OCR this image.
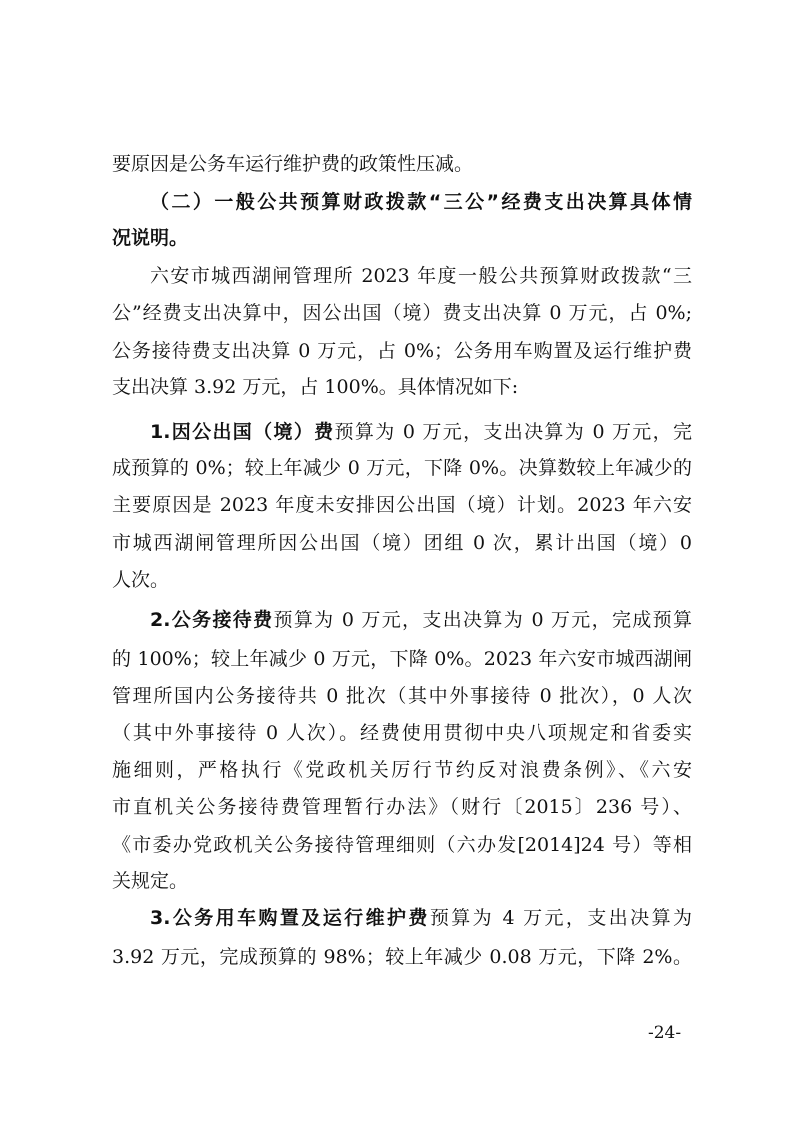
要原因是公务车运行维护费的政策性压减。
（二）一般公共预算财政拨款“三公”经费支出决算具体情
况说明。
六安市城西湖闸管理所 2023 年度一般公共预算财政拨款“三
公”经费支出决算中，因公出国（境）费支出决算 0 万元，占 0%;
公务接待费支出决算 0 万元，占 0%；公务用车购置及运行维护费
支出决算 3.92 万元，占 100%。具体情况如下:
1.因公出国（境）费预算为 0 万元，支出决算为 0 万元，完
成预算的 0%；较上年减少 0 万元，下降 0%。决算数较上年减少的
主要原因是 2023 年度未安排因公出国（境）计划。2023 年六安
市城西湖闸管理所因公出国（境）团组 0 次，累计出国（境）0
人次。
2.公务接待费预算为 0 万元，支出决算为 0 万元，完成预算
的 100%；较上年减少 0 万元，下降 0%。2023 年六安市城西湖闸
管理所国内公务接待共 0 批次（其中外事接待 0 批次），0 人次
（其中外事接待 0 人次）。经费使用贯彻中央八项规定和省委实
施细则，严格执行《党政机关厉行节约反对浪费条例》、《六安
市直机关公务接待费管理暂行办法》（财行〔2015〕236 号）、
《市委办党政机关公务接待管理细则（六办发[2014]24 号）等相
关规定。
3.公务用车购置及运行维护费预算为 4 万元，支出决算为
3.92 万元，完成预算的 98%；较上年减少 0.08 万元，下降 2%。
-24-
